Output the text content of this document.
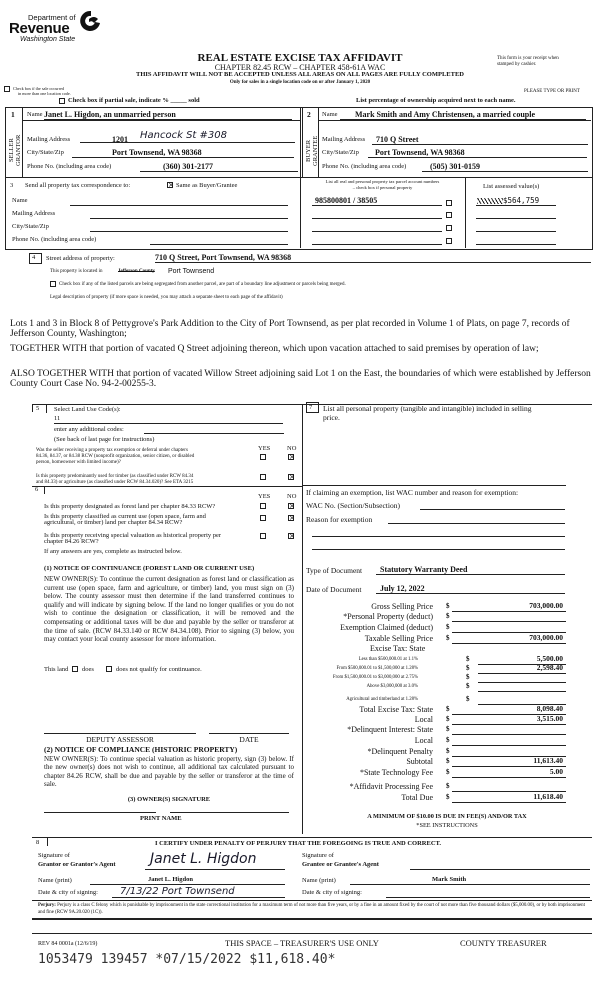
Department of
Revenue
Washington State
REAL ESTATE EXCISE TAX AFFIDAVIT
CHAPTER 82.45 RCW – CHAPTER 458-61A WAC
THIS AFFIDAVIT WILL NOT BE ACCEPTED UNLESS ALL AREAS ON ALL PAGES ARE FULLY COMPLETED
Only for sales in a single location code on or after January 1, 2020
This form is your receipt when
stamped by cashier.
Check box if the sale occurred
in more than one location code.	PLEASE TYPE OR PRINT
Check box if partial sale, indicate % _____ sold	List percentage of ownership acquired next to each name.
1
SELLER GRANTOR
Name Janet L. Higdon, an unmarried person
Mailing Address	1201 Hancock St #308
City/State/Zip	Port Townsend, WA 98368
Phone No. (including area code)	(360) 301-2177
2
BUYER GRANTEE
Name	Mark Smith and Amy Christensen, a married couple
Mailing Address	710 Q Street
City/State/Zip	Port Townsend, WA 98368
Phone No. (including area code)	(505) 301-0159
3 Send all property tax correspondence to: ×	Same as Buyer/Grantee
Name
Mailing Address
City/State/Zip
Phone No. (including area code)
List all real and personal property tax parcel account numbers
– check box if personal property	List assessed value(s)
985800801 / 38505	$564,759
4 Street address of property:	710 Q Street, Port Townsend, WA 98368
This property is located in	Jefferson County Port Townsend
Check box if any of the listed parcels are being segregated from another parcel, are part of a boundary line adjustment or parcels being merged.
Legal description of property (if more space is needed, you may attach a separate sheet to each page of the affidavit)
Lots 1 and 3 in Block 8 of Pettygrove's Park Addition to the City of Port Townsend, as per plat recorded in Volume 1 of Plats, on page 7, records of Jefferson County, Washington;
TOGETHER WITH that portion of vacated Q Street adjoining thereon, which upon vacation attached to said premises by operation of law;
ALSO TOGETHER WITH that portion of vacated Willow Street adjoining said Lot 1 on the East, the boundaries of which were established by Jefferson County Court Case No. 94-2-00255-3.
5 Select Land Use Code(s):
11
enter any additional codes:
(See back of last page for instructions)
YES	NO
Was the seller receiving a property tax exemption or deferral under chapters
84.36, 84.37, or 84.38 RCW (nonprofit organization, senior citizen, or disabled
person, homeowner with limited income)?
×
Is this property predominantly used for timber (as classified under RCW 84.34
and 84.33) or agriculture (as classified under RCW 84.34.020)? See ETA 3215
×
6
YES	NO
Is this property designated as forest land per chapter 84.33 RCW?
×
Is this property classified as current use (open space, farm and
agricultural, or timber) land per chapter 84.34 RCW?
×
Is this property receiving special valuation as historical property per
chapter 84.26 RCW?
×
If any answers are yes, complete as instructed below.
(1) NOTICE OF CONTINUANCE (FOREST LAND OR CURRENT USE)
NEW OWNER(S): To continue the current designation as forest land or classification as current use (open space, farm and agriculture, or timber) land, you must sign on (3) below. The county assessor must then determine if the land transferred continues to qualify and will indicate by signing below. If the land no longer qualifies or you do not wish to continue the designation or classification, it will be removed and the compensating or additional taxes will be due and payable by the seller or transferor at the time of sale. (RCW 84.33.140 or RCW 84.34.108). Prior to signing (3) below, you may contact your local county assessor for more information.
This land does	does not qualify for continuance.
DEPUTY ASSESSOR	DATE
(2) NOTICE OF COMPLIANCE (HISTORIC PROPERTY)
NEW OWNER(S): To continue special valuation as historic property, sign (3) below. If the new owner(s) does not wish to continue, all additional tax calculated pursuant to chapter 84.26 RCW, shall be due and payable by the seller or transferor at the time of sale.
(3) OWNER(S) SIGNATURE
PRINT NAME
7 List all personal property (tangible and intangible) included in selling
price.
If claiming an exemption, list WAC number and reason for exemption:
WAC No. (Section/Subsection)
Reason for exemption
Type of Document	Statutory Warranty Deed
Date of Document	July 12, 2022
Gross Selling Price $	703,000.00
*Personal Property (deduct) $
Exemption Claimed (deduct) $
Taxable Selling Price $	703,000.00
Less than $500,000.01 at 1.1%	$	5,500.00
From $500,000.01 to $1,500,000 at 1.28%	$	2,598.40
From $1,500,000.01 to $3,000,000 at 2.75%	$
Above $3,000,000 at 3.0%	$
Agricultural and timberland at 1.28%	$
Total Excise Tax: State $	8,098.40
Local $	3,515.00
*Delinquent Interest: State $
Local $
*Delinquent Penalty $
Subtotal $	11,613.40
*State Technology Fee $	5.00
*Affidavit Processing Fee $
Total Due $	11,618.40
Excise Tax: State
A MINIMUM OF $10.00 IS DUE IN FEE(S) AND/OR TAX
*SEE INSTRUCTIONS
8	I CERTIFY UNDER PENALTY OF PERJURY THAT THE FOREGOING IS TRUE AND CORRECT.
Signature of
Grantor or Grantor's Agent Janet L. Higdon
Name (print)	Janet L. Higdon
Date & city of signing:	7/13/22 Port Townsend
Signature of
Grantee or Grantee's Agent
Name (print)	Mark Smith
Date & city of signing:
Perjury: Perjury is a class C felony which is punishable by imprisonment in the state correctional institution for a maximum term of not more than five years, or by a fine in an amount fixed by the court of not more than five thousand dollars ($5,000.00), or by both imprisonment and fine (RCW 9A.20.020 (1C)).
REV 84 0001a (12/6/19)	THIS SPACE – TREASURER'S USE ONLY	COUNTY TREASURER
1053479 139457 *07/15/2022 $11,618.40*
